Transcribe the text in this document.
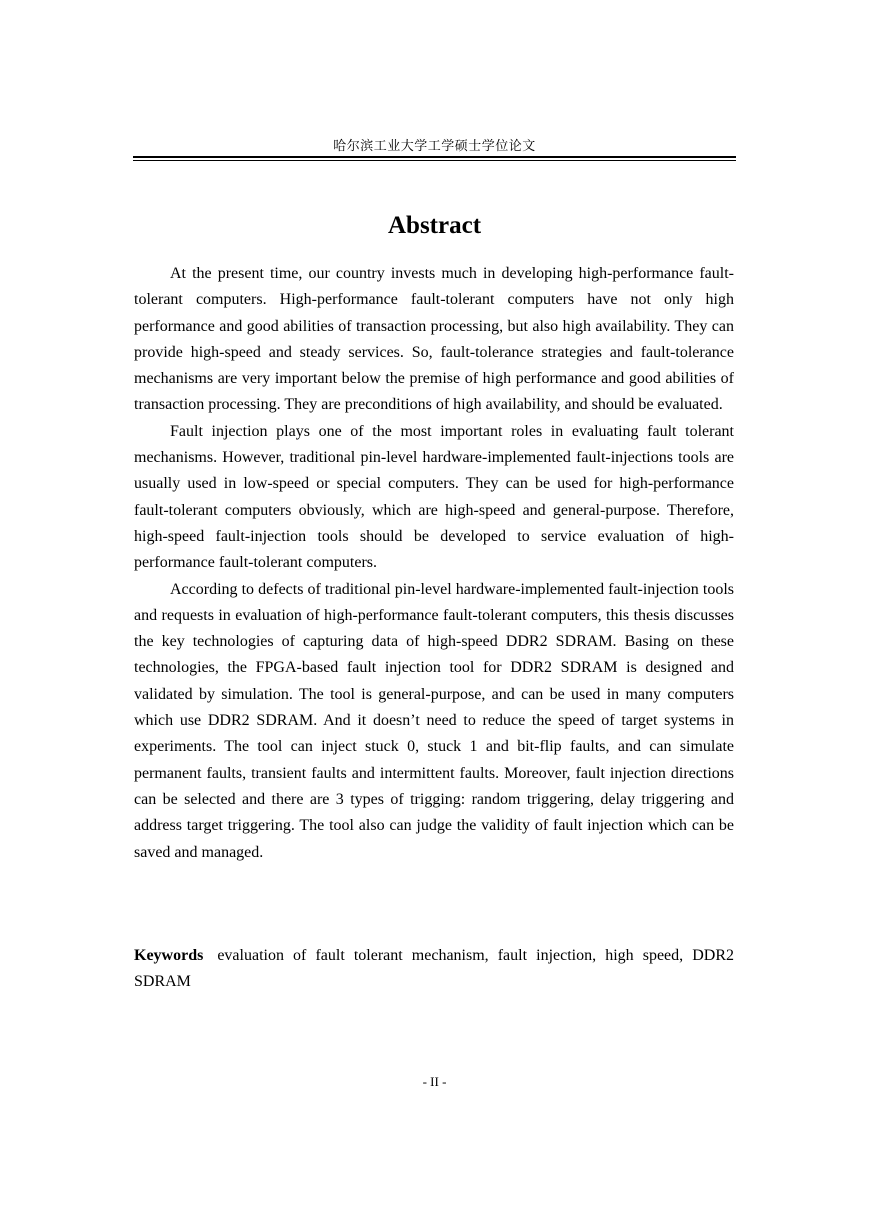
哈尔滨工业大学工学硕士学位论文
Abstract

At the present time, our country invests much in developing high-performance fault-tolerant computers. High-performance fault-tolerant computers have not only high performance and good abilities of transaction processing, but also high availability. They can provide high-speed and steady services. So, fault-tolerance strategies and fault-tolerance mechanisms are very important below the premise of high performance and good abilities of transaction processing. They are preconditions of high availability, and should be evaluated.

Fault injection plays one of the most important roles in evaluating fault tolerant mechanisms. However, traditional pin-level hardware-implemented fault-injections tools are usually used in low-speed or special computers. They can be used for high-performance fault-tolerant computers obviously, which are high-speed and general-purpose. Therefore, high-speed fault-injection tools should be developed to service evaluation of high-performance fault-tolerant computers.

According to defects of traditional pin-level hardware-implemented fault-injection tools and requests in evaluation of high-performance fault-tolerant computers, this thesis discusses the key technologies of capturing data of high-speed DDR2 SDRAM. Basing on these technologies, the FPGA-based fault injection tool for DDR2 SDRAM is designed and validated by simulation. The tool is general-purpose, and can be used in many computers which use DDR2 SDRAM. And it doesn’t need to reduce the speed of target systems in experiments. The tool can inject stuck 0, stuck 1 and bit-flip faults, and can simulate permanent faults, transient faults and intermittent faults. Moreover, fault injection directions can be selected and there are 3 types of trigging: random triggering, delay triggering and address target triggering. The tool also can judge the validity of fault injection which can be saved and managed.

Keywords evaluation of fault tolerant mechanism, fault injection, high speed, DDR2 SDRAM
- II -
